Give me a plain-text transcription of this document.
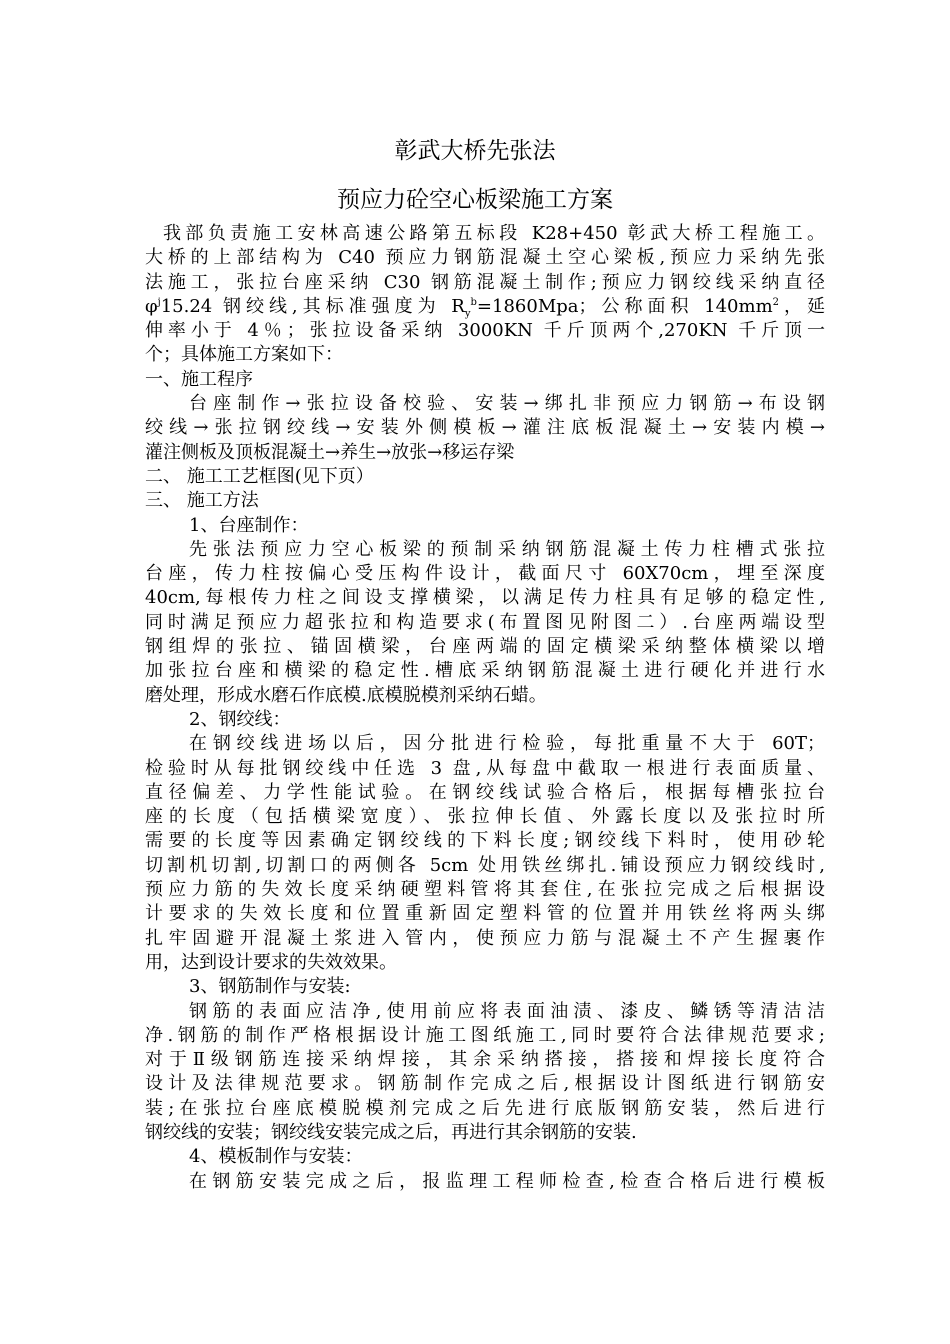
彰武大桥先张法
预应力砼空心板梁施工方案
我部负责施工安林高速公路第五标段 K28+450 彰武大桥工程施工。
大桥的上部结构为 C40 预应力钢筋混凝土空心梁板,预应力采纳先张
法施工，张拉台座采纳 C30 钢筋混凝土制作;预应力钢绞线采纳直径
$\varphi^j15.24$ 钢绞线,其标准强度为 $R_y^b=1860Mpa$；公称面积 $140mm^2$，延
伸率小于 4％；张拉设备采纳 3000KN 千斤顶两个,270KN 千斤顶一
个；具体施工方案如下：
一、施工程序
台座制作→张拉设备校验、安装→绑扎非预应力钢筋→布设钢
绞线→张拉钢绞线→安装外侧模板→灌注底板混凝土→安装内模→
灌注侧板及顶板混凝土→养生→放张→移运存梁
二、 施工工艺框图(见下页）
三、 施工方法
1、台座制作：
先张法预应力空心板梁的预制采纳钢筋混凝土传力柱槽式张拉
台座，传力柱按偏心受压构件设计，截面尺寸 60X70cm，埋至深度
40cm,每根传力柱之间设支撑横梁，以满足传力柱具有足够的稳定性,
同时满足预应力超张拉和构造要求(布置图见附图二）.台座两端设型
钢组焊的张拉、锚固横梁，台座两端的固定横梁采纳整体横梁以增
加张拉台座和横梁的稳定性.槽底采纳钢筋混凝土进行硬化并进行水
磨处理，形成水磨石作底模.底模脱模剂采纳石蜡。
2、钢绞线：
在钢绞线进场以后，因分批进行检验，每批重量不大于 60T；
检验时从每批钢绞线中任选 3 盘,从每盘中截取一根进行表面质量、
直径偏差、力学性能试验。在钢绞线试验合格后，根据每槽张拉台
座的长度（包括横梁宽度）、张拉伸长值、外露长度以及张拉时所
需要的长度等因素确定钢绞线的下料长度;钢绞线下料时，使用砂轮
切割机切割,切割口的两侧各 5cm 处用铁丝绑扎.铺设预应力钢绞线时,
预应力筋的失效长度采纳硬塑料管将其套住,在张拉完成之后根据设
计要求的失效长度和位置重新固定塑料管的位置并用铁丝将两头绑
扎牢固避开混凝土浆进入管内，使预应力筋与混凝土不产生握裹作
用，达到设计要求的失效效果。
3、钢筋制作与安装:
钢筋的表面应洁净,使用前应将表面油渍、漆皮、鳞锈等清洁洁
净.钢筋的制作严格根据设计施工图纸施工,同时要符合法律规范要求;
对于Ⅱ级钢筋连接采纳焊接，其余采纳搭接，搭接和焊接长度符合
设计及法律规范要求。钢筋制作完成之后,根据设计图纸进行钢筋安
装;在张拉台座底模脱模剂完成之后先进行底版钢筋安装，然后进行
钢绞线的安装；钢绞线安装完成之后，再进行其余钢筋的安装.
4、模板制作与安装：
在钢筋安装完成之后，报监理工程师检查,检查合格后进行模板
